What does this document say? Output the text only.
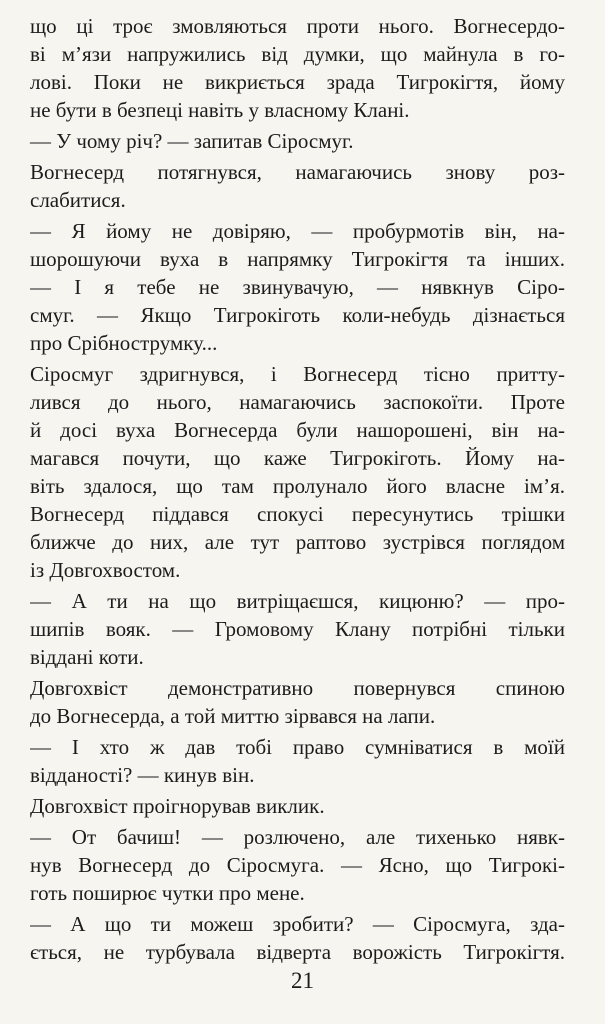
що ці троє змовляються проти нього. Вогнесердо-
ві м’язи напружились від думки, що майнула в го-
лові. Поки не викриється зрада Тигрокігтя, йому
не бути в безпеці навіть у власному Клані.
— У чому річ? — запитав Сіросмуг.
Вогнесерд потягнувся, намагаючись знову роз-
слабитися.
— Я йому не довіряю, — пробурмотів він, на-
шорошуючи вуха в напрямку Тигрокігтя та інших.
— І я тебе не звинувачую, — нявкнув Сіро-
смуг. — Якщо Тигрокіготь коли-небудь дізнається
про Срібнострумку...
Сіросмуг здригнувся, і Вогнесерд тісно притту-
лився до нього, намагаючись заспокоїти. Проте
й досі вуха Вогнесерда були нашорошені, він на-
магався почути, що каже Тигрокіготь. Йому на-
віть здалося, що там пролунало його власне ім’я.
Вогнесерд піддався спокусі пересунутись трішки
ближче до них, але тут раптово зустрівся поглядом
із Довгохвостом.
— А ти на що витріщаєшся, кицюню? — про-
шипів вояк. — Громовому Клану потрібні тільки
віддані коти.
Довгохвіст демонстративно повернувся спиною
до Вогнесерда, а той миттю зірвався на лапи.
— І хто ж дав тобі право сумніватися в моїй
відданості? — кинув він.
Довгохвіст проігнорував виклик.
— От бачиш! — розлючено, але тихенько нявк-
нув Вогнесерд до Сіросмуга. — Ясно, що Тигрокі-
готь поширює чутки про мене.
— А що ти можеш зробити? — Сіросмуга, здa-
ється, не турбувала відверта ворожість Тигрокігтя.
21
